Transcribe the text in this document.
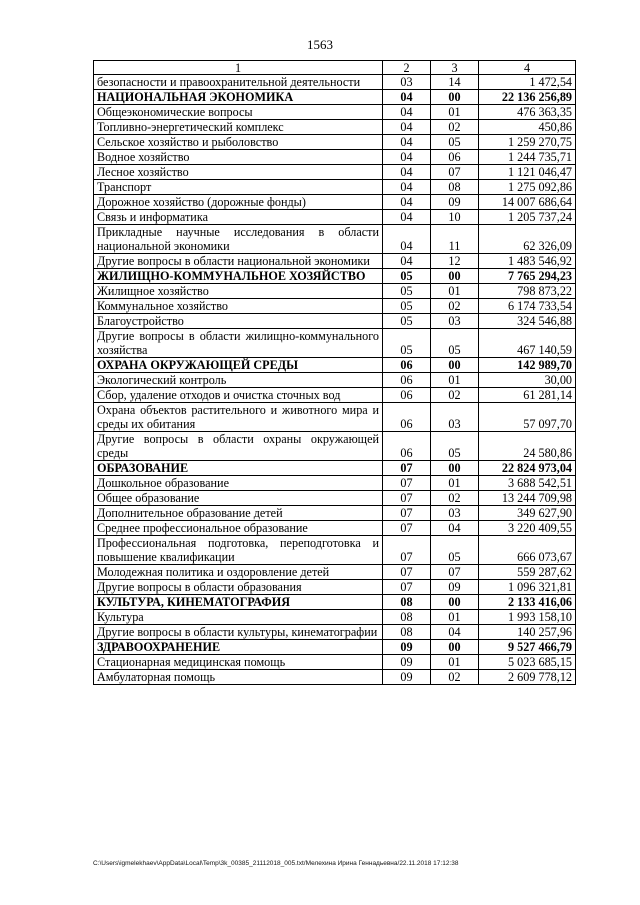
1563
1	2	3	4
безопасности и правоохранительной деятельности	03	14	1 472,54
НАЦИОНАЛЬНАЯ ЭКОНОМИКА	04	00	22 136 256,89
Общеэкономические вопросы	04	01	476 363,35
Топливно-энергетический комплекс	04	02	450,86
Сельское хозяйство и рыболовство	04	05	1 259 270,75
Водное хозяйство	04	06	1 244 735,71
Лесное хозяйство	04	07	1 121 046,47
Транспорт	04	08	1 275 092,86
Дорожное хозяйство (дорожные фонды)	04	09	14 007 686,64
Связь и информатика	04	10	1 205 737,24
Прикладные научные исследования в области национальной экономики	04	11	62 326,09
Другие вопросы в области национальной экономики	04	12	1 483 546,92
ЖИЛИЩНО-КОММУНАЛЬНОЕ ХОЗЯЙСТВО	05	00	7 765 294,23
Жилищное хозяйство	05	01	798 873,22
Коммунальное хозяйство	05	02	6 174 733,54
Благоустройство	05	03	324 546,88
Другие вопросы в области жилищно-коммунального хозяйства	05	05	467 140,59
ОХРАНА ОКРУЖАЮЩЕЙ СРЕДЫ	06	00	142 989,70
Экологический контроль	06	01	30,00
Сбор, удаление отходов и очистка сточных вод	06	02	61 281,14
Охрана объектов растительного и животного мира и среды их обитания	06	03	57 097,70
Другие вопросы в области охраны окружающей среды	06	05	24 580,86
ОБРАЗОВАНИЕ	07	00	22 824 973,04
Дошкольное образование	07	01	3 688 542,51
Общее образование	07	02	13 244 709,98
Дополнительное образование детей	07	03	349 627,90
Среднее профессиональное образование	07	04	3 220 409,55
Профессиональная подготовка, переподготовка и повышение квалификации	07	05	666 073,67
Молодежная политика и оздоровление детей	07	07	559 287,62
Другие вопросы в области образования	07	09	1 096 321,81
КУЛЬТУРА, КИНЕМАТОГРАФИЯ	08	00	2 133 416,06
Культура	08	01	1 993 158,10
Другие вопросы в области культуры, кинематографии	08	04	140 257,96
ЗДРАВООХРАНЕНИЕ	09	00	9 527 466,79
Стационарная медицинская помощь	09	01	5 023 685,15
Амбулаторная помощь	09	02	2 609 778,12
C:\Users\igmelekhaev\AppData\Local\Temp\3k_00385_21112018_005.txt/Мелехина Ирина Геннадьевна/22.11.2018 17:12:38
